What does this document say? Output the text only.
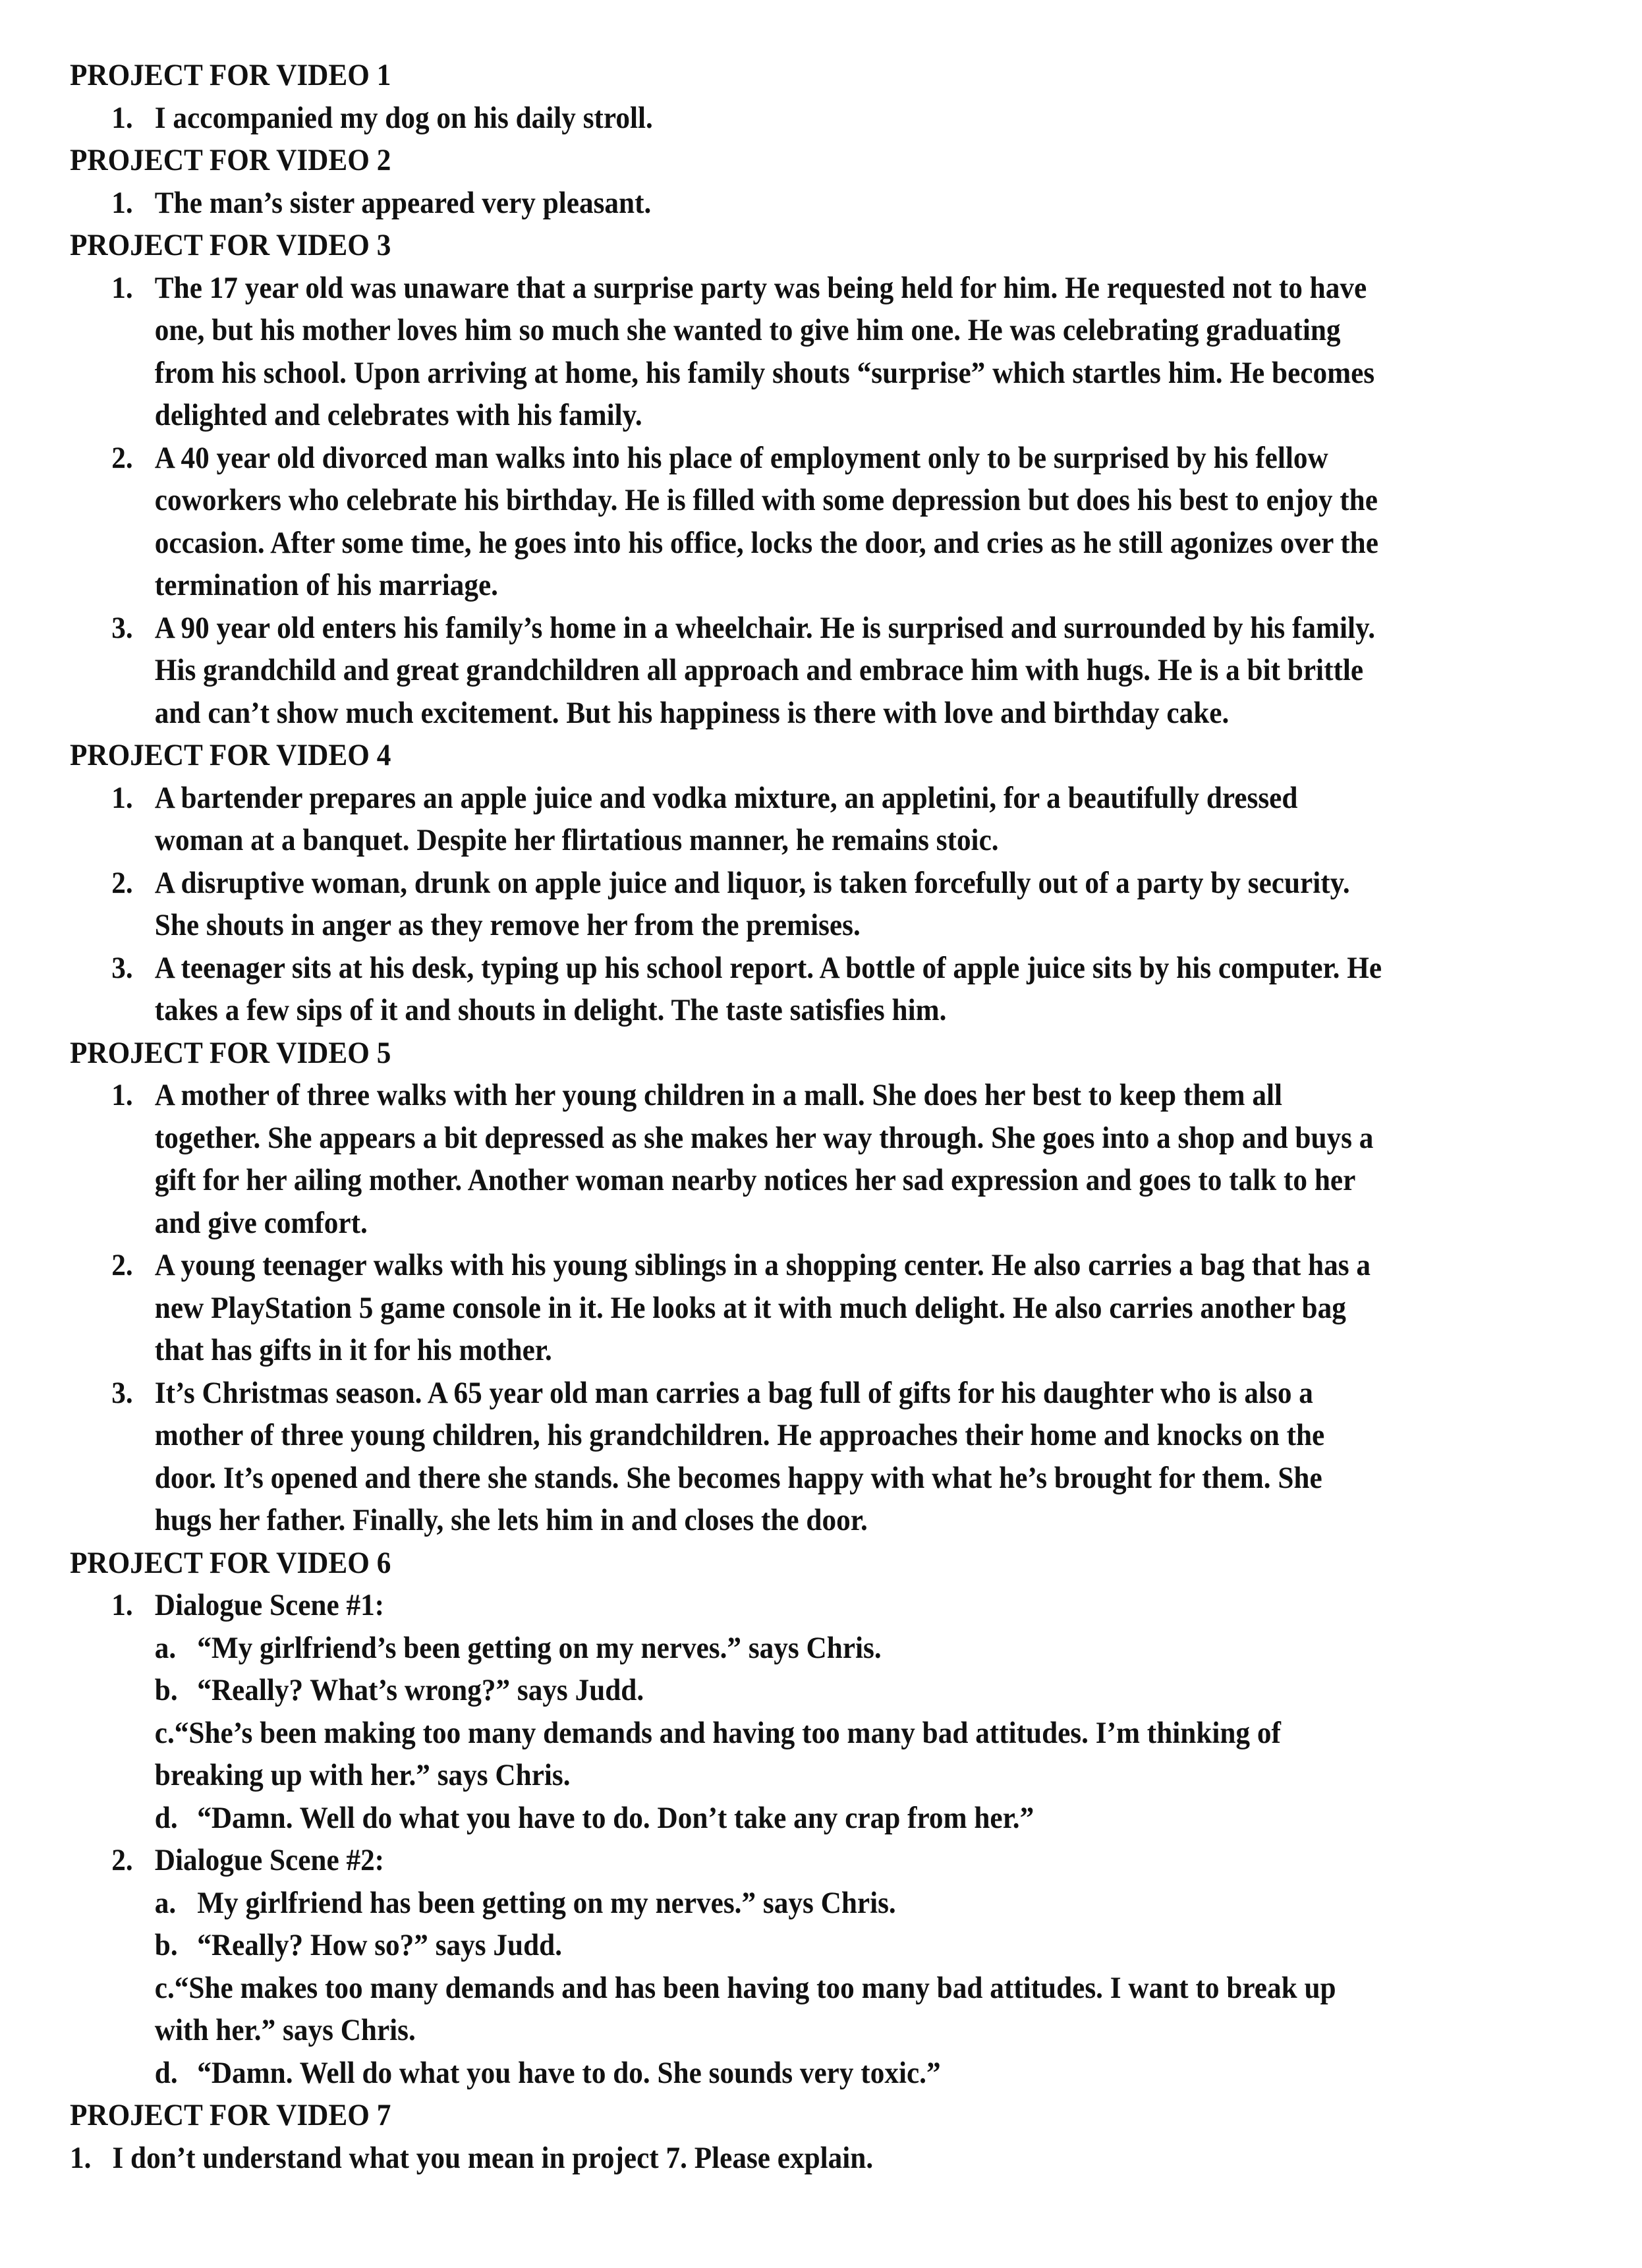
PROJECT FOR VIDEO 1
1. I accompanied my dog on his daily stroll.
PROJECT FOR VIDEO 2
1. The man’s sister appeared very pleasant.
PROJECT FOR VIDEO 3
1. The 17 year old was unaware that a surprise party was being held for him. He requested not to have
one, but his mother loves him so much she wanted to give him one. He was celebrating graduating
from his school. Upon arriving at home, his family shouts “surprise” which startles him. He becomes
delighted and celebrates with his family.
2. A 40 year old divorced man walks into his place of employment only to be surprised by his fellow
coworkers who celebrate his birthday. He is filled with some depression but does his best to enjoy the
occasion. After some time, he goes into his office, locks the door, and cries as he still agonizes over the
termination of his marriage.
3. A 90 year old enters his family’s home in a wheelchair. He is surprised and surrounded by his family.
His grandchild and great grandchildren all approach and embrace him with hugs. He is a bit brittle
and can’t show much excitement. But his happiness is there with love and birthday cake.
PROJECT FOR VIDEO 4
1. A bartender prepares an apple juice and vodka mixture, an appletini, for a beautifully dressed
woman at a banquet. Despite her flirtatious manner, he remains stoic.
2. A disruptive woman, drunk on apple juice and liquor, is taken forcefully out of a party by security.
She shouts in anger as they remove her from the premises.
3. A teenager sits at his desk, typing up his school report. A bottle of apple juice sits by his computer. He
takes a few sips of it and shouts in delight. The taste satisfies him.
PROJECT FOR VIDEO 5
1. A mother of three walks with her young children in a mall. She does her best to keep them all
together. She appears a bit depressed as she makes her way through. She goes into a shop and buys a
gift for her ailing mother. Another woman nearby notices her sad expression and goes to talk to her
and give comfort.
2. A young teenager walks with his young siblings in a shopping center. He also carries a bag that has a
new PlayStation 5 game console in it. He looks at it with much delight. He also carries another bag
that has gifts in it for his mother.
3. It’s Christmas season. A 65 year old man carries a bag full of gifts for his daughter who is also a
mother of three young children, his grandchildren. He approaches their home and knocks on the
door. It’s opened and there she stands. She becomes happy with what he’s brought for them. She
hugs her father. Finally, she lets him in and closes the door.
PROJECT FOR VIDEO 6
1. Dialogue Scene #1:
a. “My girlfriend’s been getting on my nerves.” says Chris.
b. “Really? What’s wrong?” says Judd.
c.“She’s been making too many demands and having too many bad attitudes. I’m thinking of
breaking up with her.” says Chris.
d. “Damn. Well do what you have to do. Don’t take any crap from her.”
2. Dialogue Scene #2:
a. My girlfriend has been getting on my nerves.” says Chris.
b. “Really? How so?” says Judd.
c.“She makes too many demands and has been having too many bad attitudes. I want to break up
with her.” says Chris.
d. “Damn. Well do what you have to do. She sounds very toxic.”
PROJECT FOR VIDEO 7
1. I don’t understand what you mean in project 7. Please explain.
